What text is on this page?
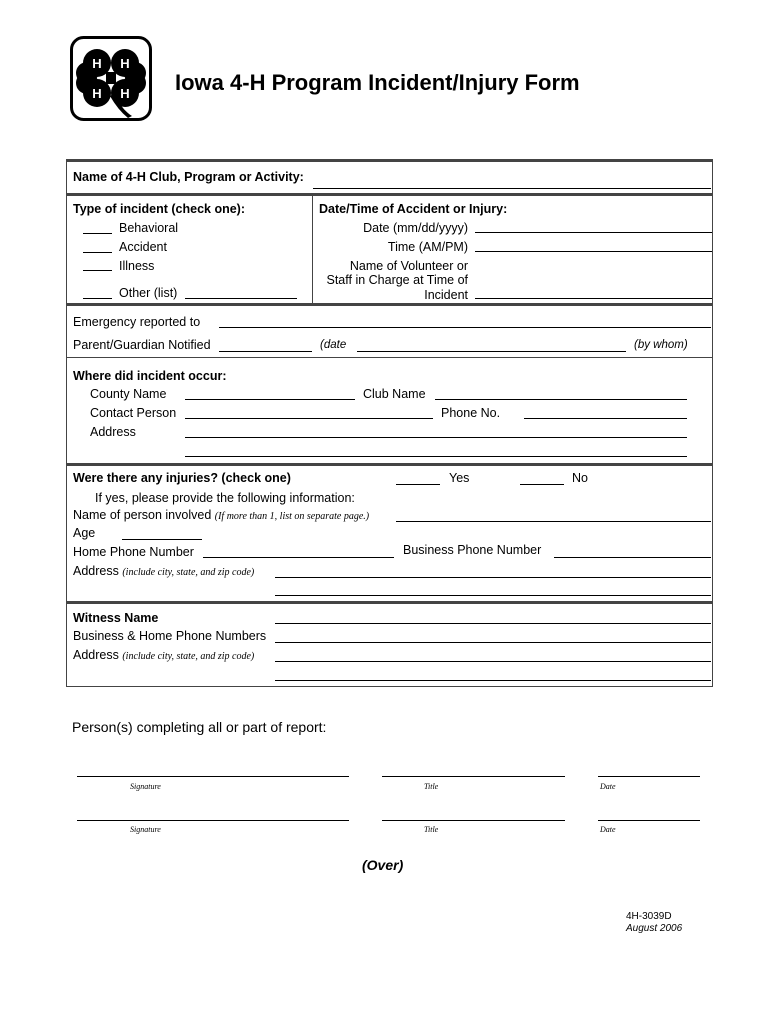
H H
H H Iowa 4-H Program Incident/Injury Form
Name of 4-H Club, Program or Activity:
Type of incident (check one):
Behavioral
Accident
Illness
Other (list)
Date/Time of Accident or Injury:
Date (mm/dd/yyyy)
Time (AM/PM)
Name of Volunteer or
Staff in Charge at Time of
Incident
Emergency reported to
Parent/Guardian Notified	(date	(by whom)
Where did incident occur:
County Name	Club Name
Contact Person	Phone No.
Address
Were there any injuries? (check one)	Yes	No
If yes, please provide the following information:
Name of person involved (If more than 1, list on separate page.)
Age
Home Phone Number	Business Phone Number
Address (include city, state, and zip code)
Witness Name
Business & Home Phone Numbers
Address (include city, state, and zip code)
Person(s) completing all or part of report:
Signature	Title	Date
Signature	Title	Date
(Over)
4H-3039D
August 2006
